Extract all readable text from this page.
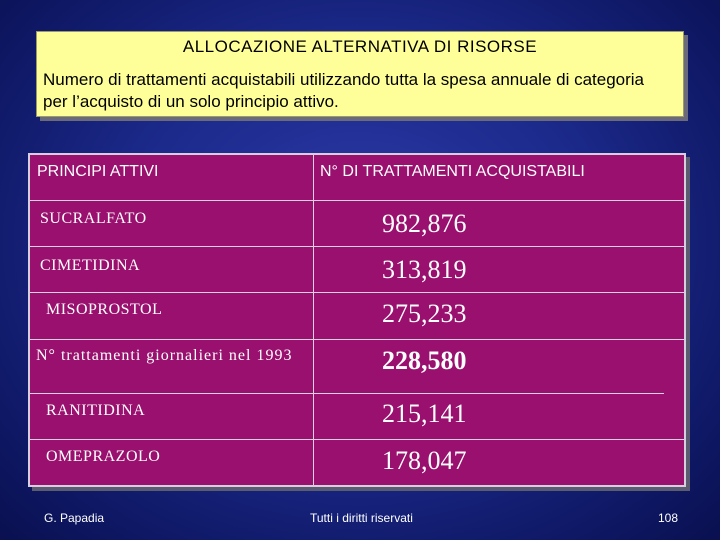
ALLOCAZIONE ALTERNATIVA DI RISORSE
Numero di trattamenti acquistabili utilizzando tutta la spesa annuale di categoria per l’acquisto di un solo principio attivo.
PRINCIPI ATTIVI	N° DI TRATTAMENTI ACQUISTABILI
SUCRALFATO	982,876
CIMETIDINA	313,819
MISOPROSTOL	275,233
N° trattamenti giornalieri nel 1993	228,580
RANITIDINA	215,141
OMEPRAZOLO	178,047
G. Papadia	Tutti i diritti riservati	108
